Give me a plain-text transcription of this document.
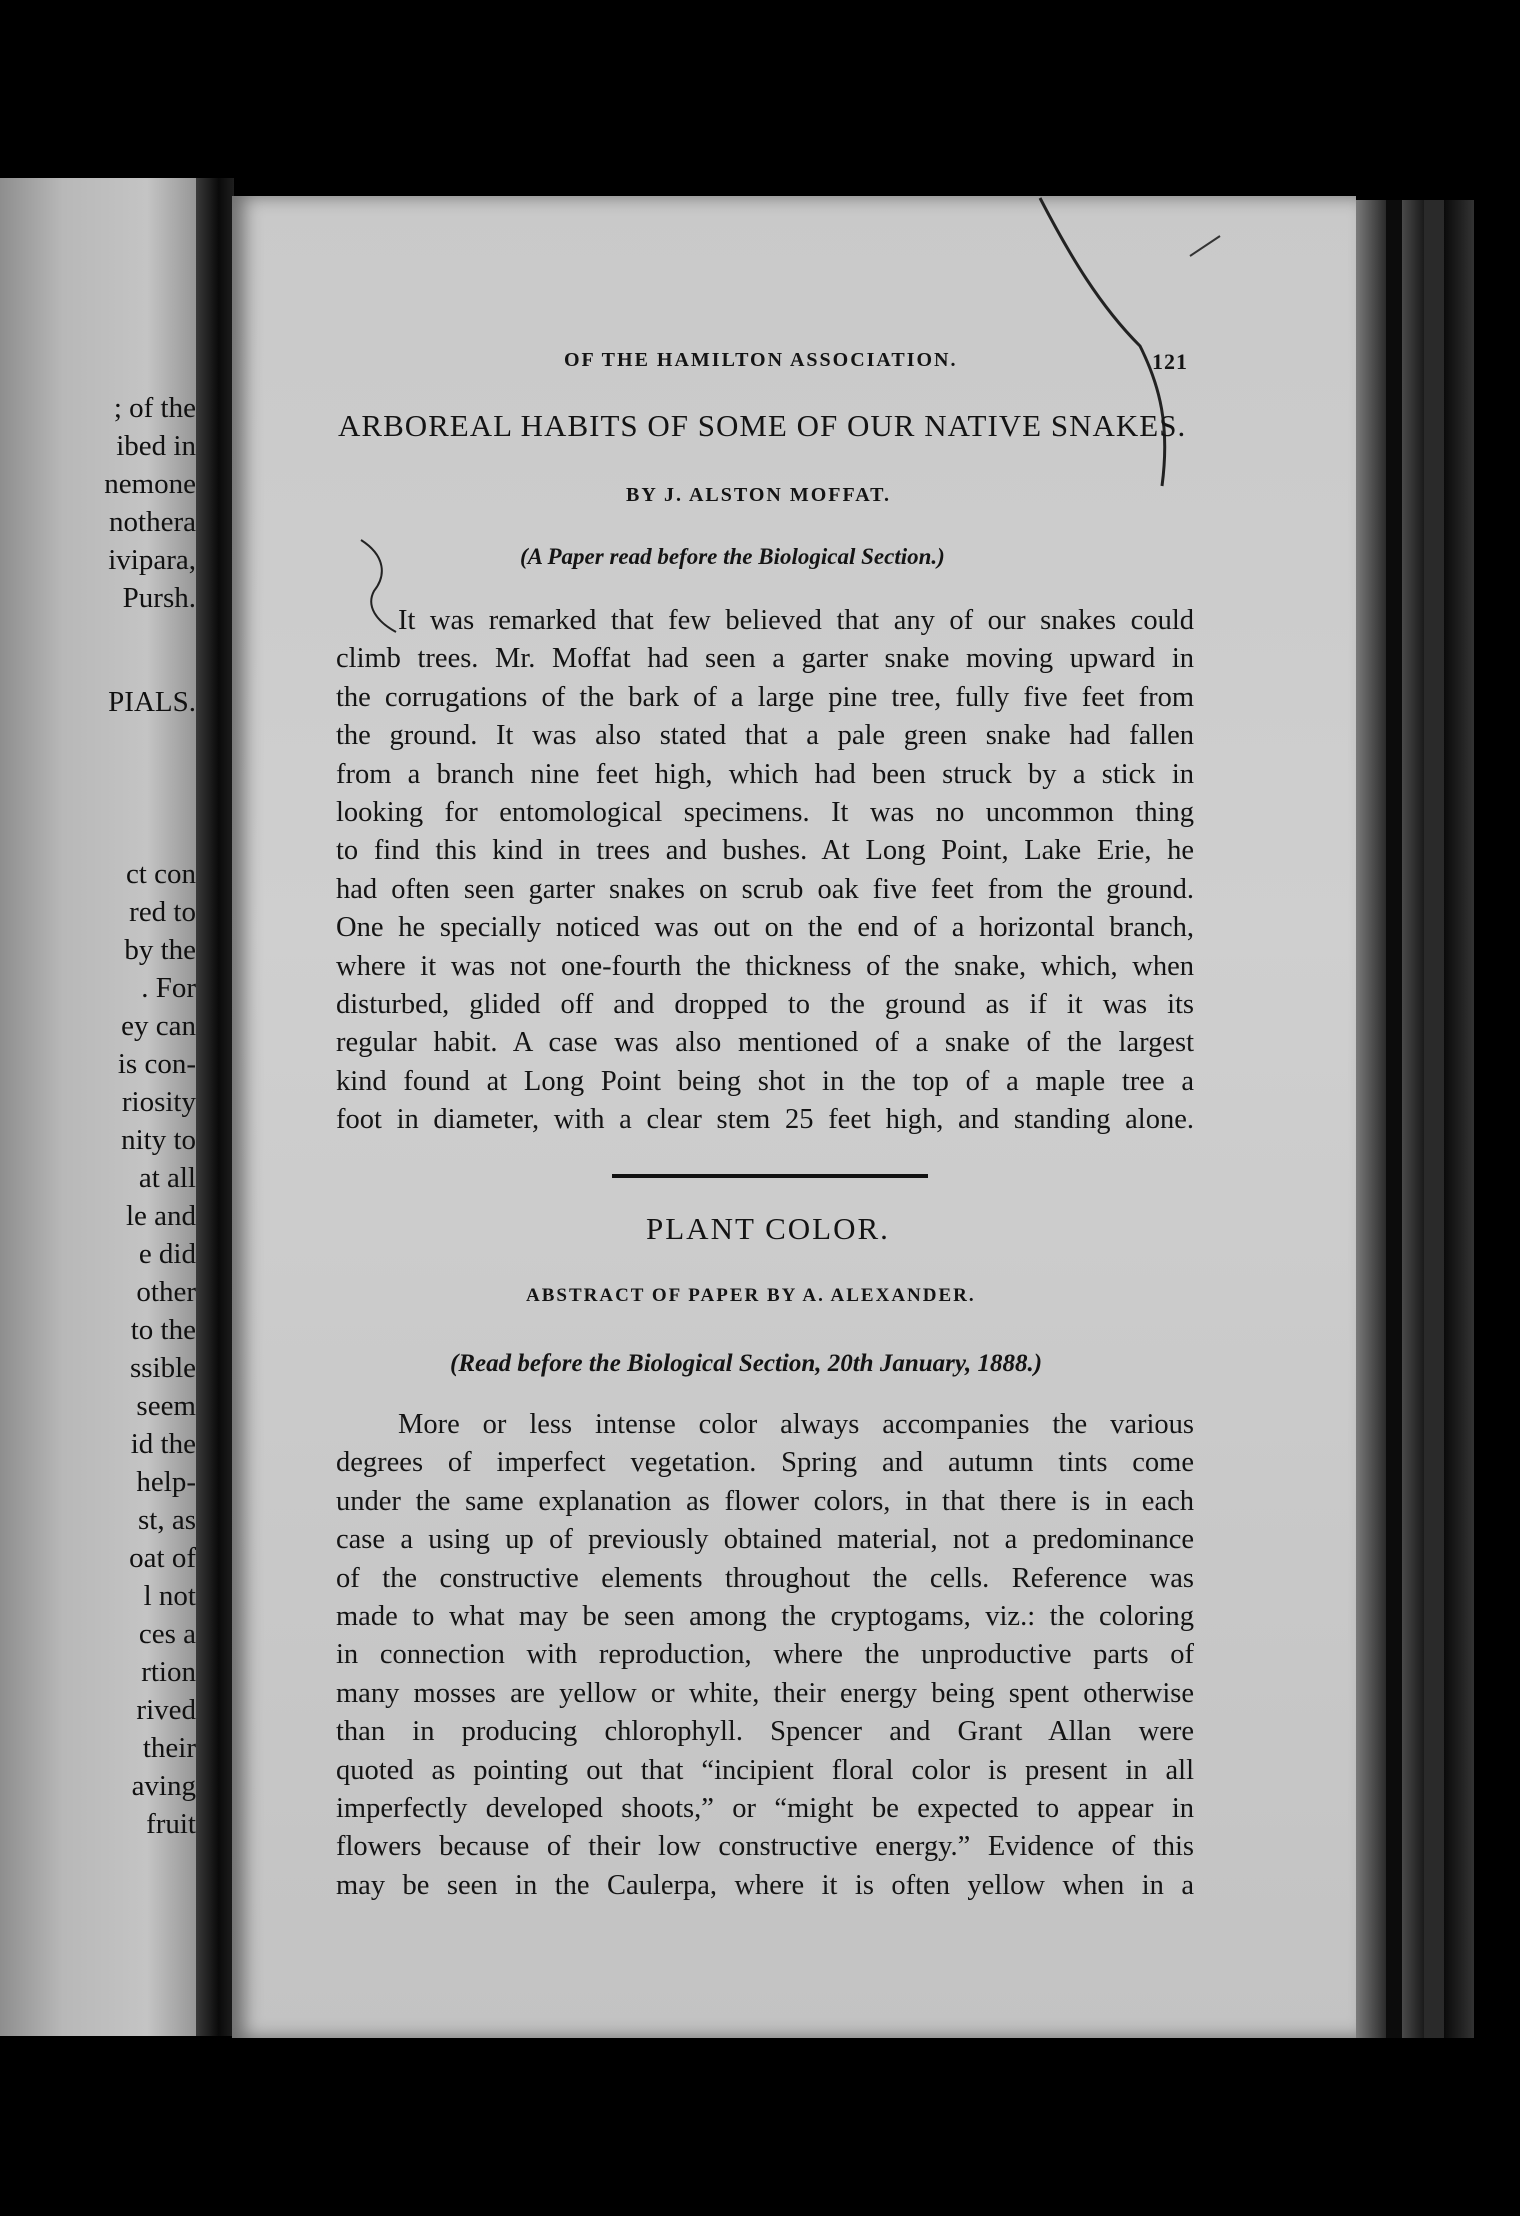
; of the
ibed in
nemone
nothera
ivipara,
Pursh.
PIALS.
ct con
red to
by the
. For
ey can
is con-
riosity
nity to
at all
le and
e did
other
to the
ssible
seem
id the
help-
st, as
oat of
l not
ces a
rtion
rived
their
aving
fruit
OF THE HAMILTON ASSOCIATION.	121
ARBOREAL HABITS OF SOME OF OUR NATIVE SNAKES.
BY J. ALSTON MOFFAT.
(A Paper read before the Biological Section.)
It was remarked that few believed that any of our snakes could
climb trees. Mr. Moffat had seen a garter snake moving upward in
the corrugations of the bark of a large pine tree, fully five feet from
the ground. It was also stated that a pale green snake had fallen
from a branch nine feet high, which had been struck by a stick in
looking for entomological specimens. It was no uncommon thing
to find this kind in trees and bushes. At Long Point, Lake Erie, he
had often seen garter snakes on scrub oak five feet from the ground.
One he specially noticed was out on the end of a horizontal branch,
where it was not one-fourth the thickness of the snake, which, when
disturbed, glided off and dropped to the ground as if it was its
regular habit. A case was also mentioned of a snake of the largest
kind found at Long Point being shot in the top of a maple tree a
foot in diameter, with a clear stem 25 feet high, and standing alone.
PLANT COLOR.
ABSTRACT OF PAPER BY A. ALEXANDER.
(Read before the Biological Section, 20th January, 1888.)
More or less intense color always accompanies the various
degrees of imperfect vegetation. Spring and autumn tints come
under the same explanation as flower colors, in that there is in each
case a using up of previously obtained material, not a predominance
of the constructive elements throughout the cells. Reference was
made to what may be seen among the cryptogams, viz.: the coloring
in connection with reproduction, where the unproductive parts of
many mosses are yellow or white, their energy being spent otherwise
than in producing chlorophyll. Spencer and Grant Allan were
quoted as pointing out that “incipient floral color is present in all
imperfectly developed shoots,” or “might be expected to appear in
flowers because of their low constructive energy.” Evidence of this
may be seen in the Caulerpa, where it is often yellow when in a
